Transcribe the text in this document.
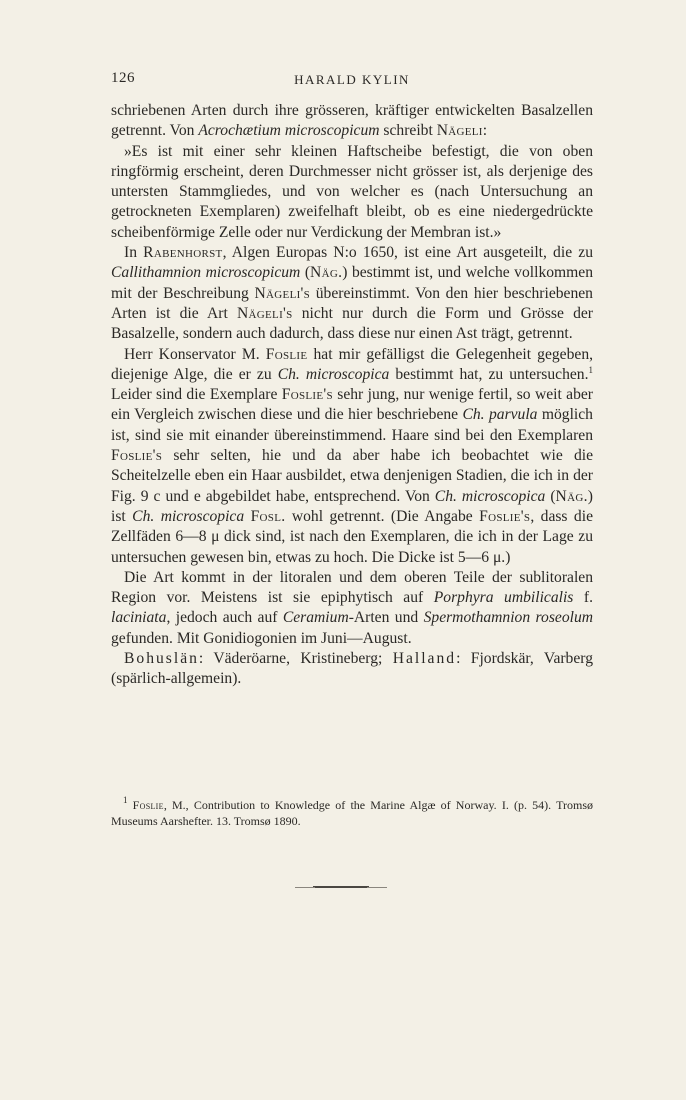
126	HARALD KYLIN

schriebenen Arten durch ihre grösseren, kräftiger entwickelten Basalzellen getrennt. Von Acrochætium microscopicum schreibt Nägeli:

»Es ist mit einer sehr kleinen Haftscheibe befestigt, die von oben ringförmig erscheint, deren Durchmesser nicht grösser ist, als derjenige des untersten Stammgliedes, und von welcher es (nach Untersuchung an getrockneten Exemplaren) zweifelhaft bleibt, ob es eine niedergedrückte scheibenförmige Zelle oder nur Verdickung der Membran ist.»

In Rabenhorst, Algen Europas N:o 1650, ist eine Art ausgeteilt, die zu Callithamnion microscopicum (Näg.) bestimmt ist, und welche vollkommen mit der Beschreibung Nägeli's übereinstimmt. Von den hier beschriebenen Arten ist die Art Nägeli's nicht nur durch die Form und Grösse der Basalzelle, sondern auch dadurch, dass diese nur einen Ast trägt, getrennt.

Herr Konservator M. Foslie hat mir gefälligst die Gelegenheit gegeben, diejenige Alge, die er zu Ch. microscopica bestimmt hat, zu untersuchen.$^1$ Leider sind die Exemplare Foslie's sehr jung, nur wenige fertil, so weit aber ein Vergleich zwischen diese und die hier beschriebene Ch. parvula möglich ist, sind sie mit einander übereinstimmend. Haare sind bei den Exemplaren Foslie's sehr selten, hie und da aber habe ich beobachtet wie die Scheitelzelle eben ein Haar ausbildet, etwa denjenigen Stadien, die ich in der Fig. 9 c und e abgebildet habe, entsprechend. Von Ch. microscopica (Näg.) ist Ch. microscopica Fosl. wohl getrennt. (Die Angabe Foslie's, dass die Zellfäden 6—8 μ dick sind, ist nach den Exemplaren, die ich in der Lage zu untersuchen gewesen bin, etwas zu hoch. Die Dicke ist 5—6 μ.)

Die Art kommt in der litoralen und dem oberen Teile der sublitoralen Region vor. Meistens ist sie epiphytisch auf Porphyra umbilicalis f. laciniata, jedoch auch auf Ceramium-Arten und Spermothamnion roseolum gefunden. Mit Gonidiogonien im Juni—August.

Bohuslän: Väderöarne, Kristineberg; Halland: Fjordskär, Varberg (spärlich-allgemein).

$^1$ Foslie, M., Contribution to Knowledge of the Marine Algæ of Norway. I. (p. 54). Tromsø Museums Aarshefter. 13. Tromsø 1890.
